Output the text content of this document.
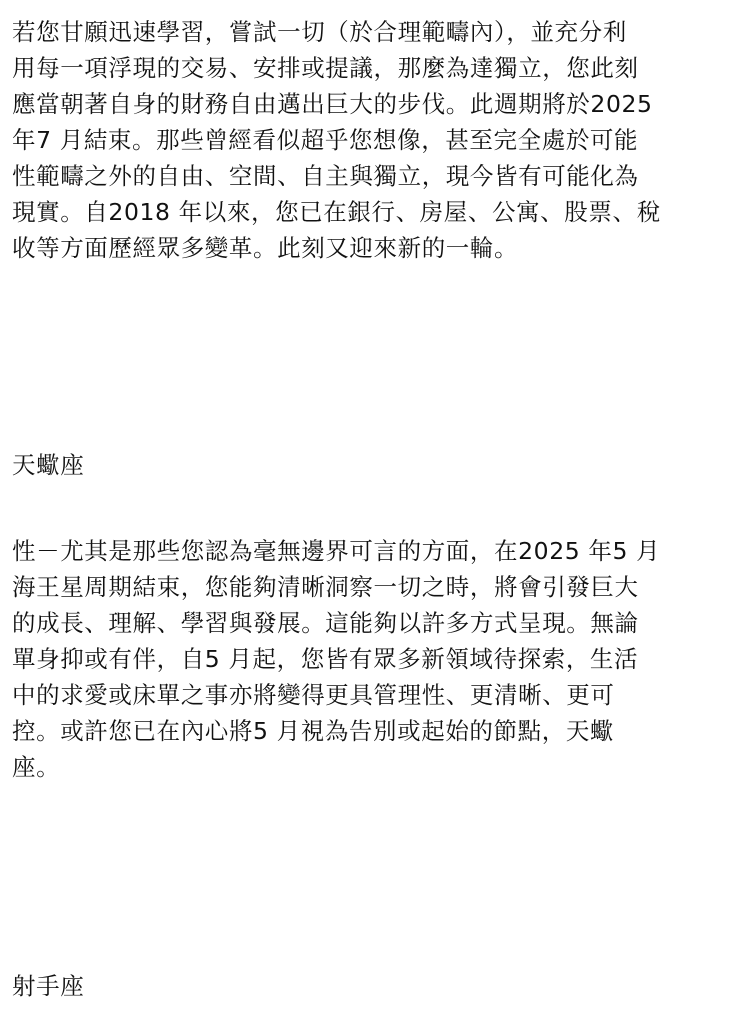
若您甘願迅速學習，嘗試一切（於合理範疇內），並充分利
用每一項浮現的交易、安排或提議，那麼為達獨立，您此刻
應當朝著自身的財務自由邁出巨大的步伐。此週期將於2025
年7 月結束。那些曾經看似超乎您想像，甚至完全處於可能
性範疇之外的自由、空間、自主與獨立，現今皆有可能化為
現實。自2018 年以來，您已在銀行、房屋、公寓、股票、稅
收等方面歷經眾多變革。此刻又迎來新的一輪。

天蠍座

性－尤其是那些您認為毫無邊界可言的方面，在2025 年5 月
海王星周期結束，您能夠清晰洞察一切之時，將會引發巨大
的成長、理解、學習與發展。這能夠以許多方式呈現。無論
單身抑或有伴，自5 月起，您皆有眾多新領域待探索，生活
中的求愛或床單之事亦將變得更具管理性、更清晰、更可
控。或許您已在內心將5 月視為告別或起始的節點，天蠍
座。

射手座
